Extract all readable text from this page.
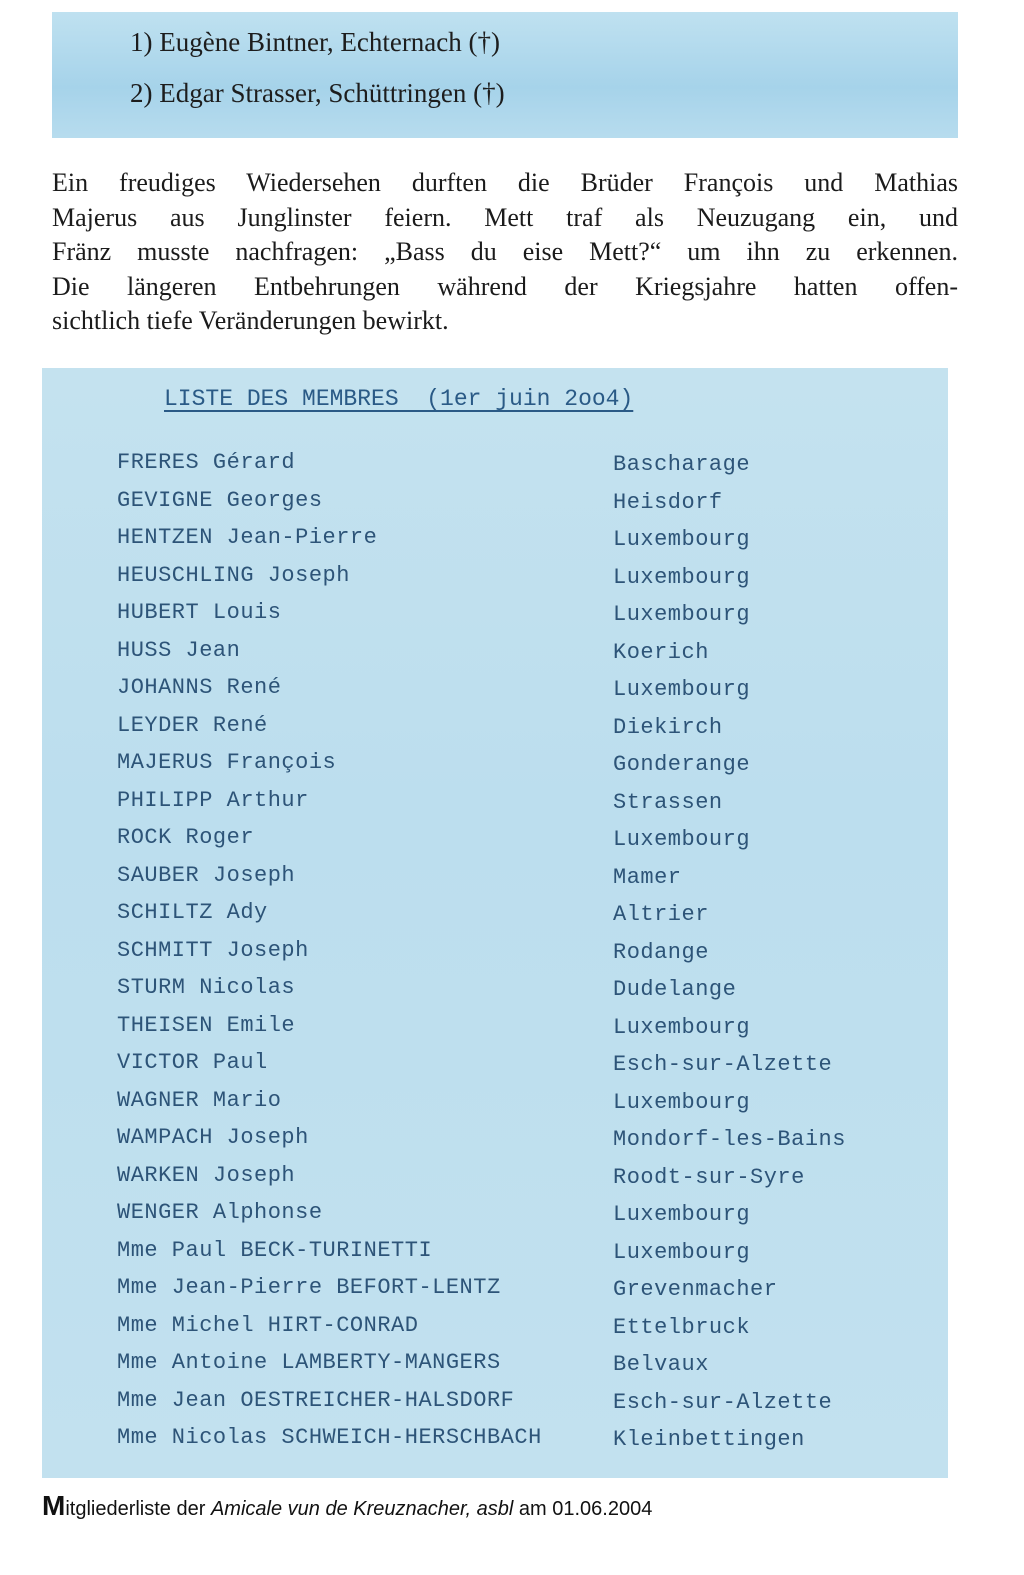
1) Eugène Bintner, Echternach (†)
2) Edgar Strasser, Schüttringen (†)
Ein freudiges Wiedersehen durften die Brüder François und Mathias
Majerus aus Junglinster feiern. Mett traf als Neuzugang ein, und
Fränz musste nachfragen: „Bass du eise Mett?“ um ihn zu erkennen.
Die längeren Entbehrungen während der Kriegsjahre hatten offen-
sichtlich tiefe Veränderungen bewirkt.
LISTE DES MEMBRES  (1er juin 2oo4)
FRERES Gérard	Bascharage
GEVIGNE Georges	Heisdorf
HENTZEN Jean-Pierre	Luxembourg
HEUSCHLING Joseph	Luxembourg
HUBERT Louis	Luxembourg
HUSS Jean	Koerich
JOHANNS René	Luxembourg
LEYDER René	Diekirch
MAJERUS François	Gonderange
PHILIPP Arthur	Strassen
ROCK Roger	Luxembourg
SAUBER Joseph	Mamer
SCHILTZ Ady	Altrier
SCHMITT Joseph	Rodange
STURM Nicolas	Dudelange
THEISEN Emile	Luxembourg
VICTOR Paul	Esch-sur-Alzette
WAGNER Mario	Luxembourg
WAMPACH Joseph	Mondorf-les-Bains
WARKEN Joseph	Roodt-sur-Syre
WENGER Alphonse	Luxembourg
Mme Paul BECK-TURINETTI	Luxembourg
Mme Jean-Pierre BEFORT-LENTZ	Grevenmacher
Mme Michel HIRT-CONRAD	Ettelbruck
Mme Antoine LAMBERTY-MANGERS	Belvaux
Mme Jean OESTREICHER-HALSDORF	Esch-sur-Alzette
Mme Nicolas SCHWEICH-HERSCHBACH	Kleinbettingen
Mitgliederliste der Amicale vun de Kreuznacher, asbl am 01.06.2004
